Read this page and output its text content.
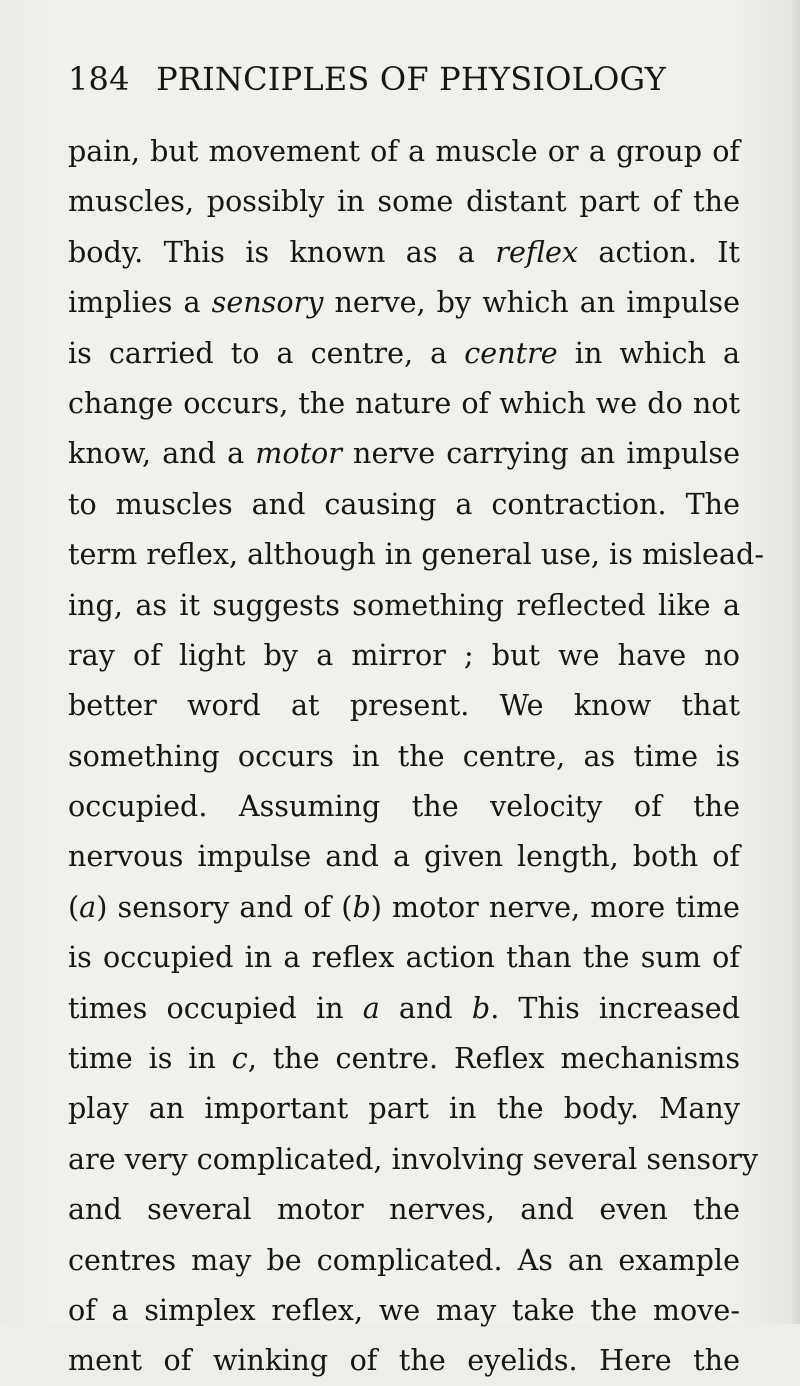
184 PRINCIPLES OF PHYSIOLOGY
pain, but movement of a muscle or a group of
muscles, possibly in some distant part of the
body. This is known as a reflex action. It
implies a sensory nerve, by which an impulse
is carried to a centre, a centre in which a
change occurs, the nature of which we do not
know, and a motor nerve carrying an impulse
to muscles and causing a contraction. The
term reflex, although in general use, is mislead-
ing, as it suggests something reflected like a
ray of light by a mirror ; but we have no
better word at present. We know that
something occurs in the centre, as time is
occupied. Assuming the velocity of the
nervous impulse and a given length, both of
(a) sensory and of (b) motor nerve, more time
is occupied in a reflex action than the sum of
times occupied in a and b. This increased
time is in c, the centre. Reflex mechanisms
play an important part in the body. Many
are very complicated, involving several sensory
and several motor nerves, and even the
centres may be complicated. As an example
of a simplex reflex, we may take the move-
ment of winking of the eyelids. Here the
